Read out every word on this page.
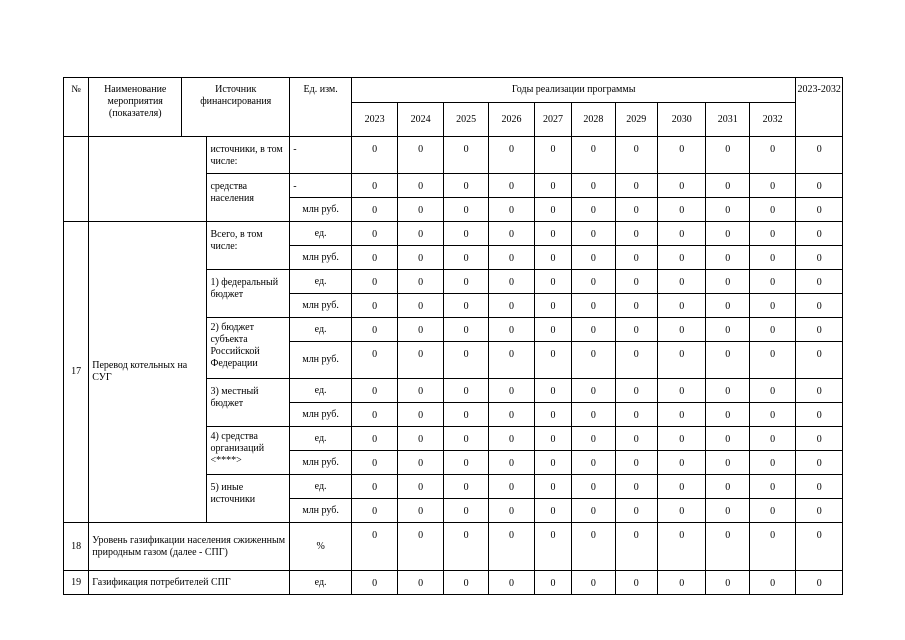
№	Наименование мероприятия (показателя)	Источник финансирования		Ед. изм.	Годы реализации программы										2023-2032
					2023	2024	2025	2026	2027	2028	2029	2030	2031	2032	
			источники, в том числе:	-	0	0	0	0	0	0	0	0	0	0	0
			средства населения	-	0	0	0	0	0	0	0	0	0	0	0
				млн руб.	0	0	0	0	0	0	0	0	0	0	0
17	Перевод котельных на СУГ		Всего, в том числе:	ед.	0	0	0	0	0	0	0	0	0	0	0
				млн руб.	0	0	0	0	0	0	0	0	0	0	0
			1) федеральный бюджет	ед.	0	0	0	0	0	0	0	0	0	0	0
				млн руб.	0	0	0	0	0	0	0	0	0	0	0
			2) бюджет субъекта Российской Федерации	ед.	0	0	0	0	0	0	0	0	0	0	0
				млн руб.	0	0	0	0	0	0	0	0	0	0	0
			3) местный бюджет	ед.	0	0	0	0	0	0	0	0	0	0	0
				млн руб.	0	0	0	0	0	0	0	0	0	0	0
			4) средства организаций <****>	ед.	0	0	0	0	0	0	0	0	0	0	0
				млн руб.	0	0	0	0	0	0	0	0	0	0	0
			5) иные источники	ед.	0	0	0	0	0	0	0	0	0	0	0
				млн руб.	0	0	0	0	0	0	0	0	0	0	0
18	Уровень газификации населения сжиженным природным газом (далее - СПГ)			%	0	0	0	0	0	0	0	0	0	0	0
19	Газификация потребителей СПГ			ед.	0	0	0	0	0	0	0	0	0	0	0
